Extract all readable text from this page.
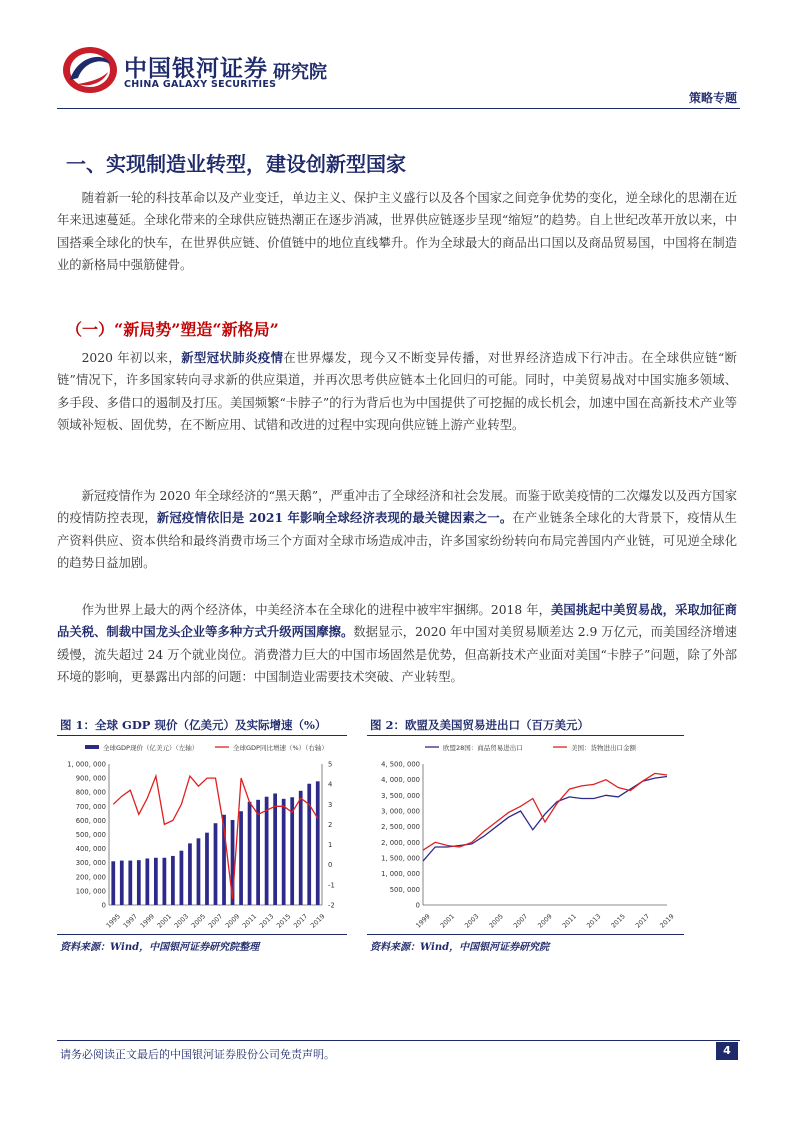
中国银河证券
CHINA GALAXY SECURITIES
研究院
策略专题
一、实现制造业转型，建设创新型国家
随着新一轮的科技革命以及产业变迁，单边主义、保护主义盛行以及各个国家之间竞争优势的变化，逆全球化的思潮在近年来迅速蔓延。全球化带来的全球供应链热潮正在逐步消减，世界供应链逐步呈现“缩短”的趋势。自上世纪改革开放以来，中国搭乘全球化的快车，在世界供应链、价值链中的地位直线攀升。作为全球最大的商品出口国以及商品贸易国，中国将在制造业的新格局中强筋健骨。
（一）“新局势”塑造“新格局”
2020 年初以来，新型冠状肺炎疫情在世界爆发，现今又不断变异传播，对世界经济造成下行冲击。在全球供应链“断链”情况下，许多国家转向寻求新的供应渠道，并再次思考供应链本土化回归的可能。同时，中美贸易战对中国实施多领域、多手段、多借口的遏制及打压。美国频繁“卡脖子”的行为背后也为中国提供了可挖掘的成长机会，加速中国在高新技术产业等领域补短板、固优势，在不断应用、试错和改进的过程中实现向供应链上游产业转型。
新冠疫情作为 2020 年全球经济的“黑天鹅”，严重冲击了全球经济和社会发展。而鉴于欧美疫情的二次爆发以及西方国家的疫情防控表现，新冠疫情依旧是 2021 年影响全球经济表现的最关键因素之一。在产业链条全球化的大背景下，疫情从生产资料供应、资本供给和最终消费市场三个方面对全球市场造成冲击，许多国家纷纷转向布局完善国内产业链，可见逆全球化的趋势日益加剧。
作为世界上最大的两个经济体，中美经济本在全球化的进程中被牢牢捆绑。2018 年，美国挑起中美贸易战，采取加征商品关税、制裁中国龙头企业等多种方式升级两国摩擦。数据显示，2020 年中国对美贸易顺差达 2.9 万亿元，而美国经济增速缓慢，流失超过 24 万个就业岗位。消费潜力巨大的中国市场固然是优势，但高新技术产业面对美国“卡脖子”问题，除了外部环境的影响，更暴露出内部的问题：中国制造业需要技术突破、产业转型。
图 1：全球 GDP 现价（亿美元）及实际增速（%）	图 2：欧盟及美国贸易进出口（百万美元）
全球GDP现价（亿美元）（左轴）	全球GDP同比增速（%）（右轴）
0
100, 000
200, 000
300, 000
400, 000
500, 000
600, 000
700, 000
800, 000
900, 000
1, 000, 000
-2
-1
0
1
2
3
4
5
1995 1997 1999 2001 2003 2005 2007 2009 2011 2013 2015 2017 2019
欧盟28国：商品贸易进出口	美国：货物进出口金额
0
500, 000
1, 000, 000
1, 500, 000
2, 000, 000
2, 500, 000
3, 000, 000
3, 500, 000
4, 000, 000
4, 500, 000
1999 2001 2003 2005 2007 2009 2011 2013 2015 2017 2019
资料来源：Wind，中国银河证券研究院整理	资料来源：Wind，中国银河证券研究院
请务必阅读正文最后的中国银河证券股份公司免责声明。	4
